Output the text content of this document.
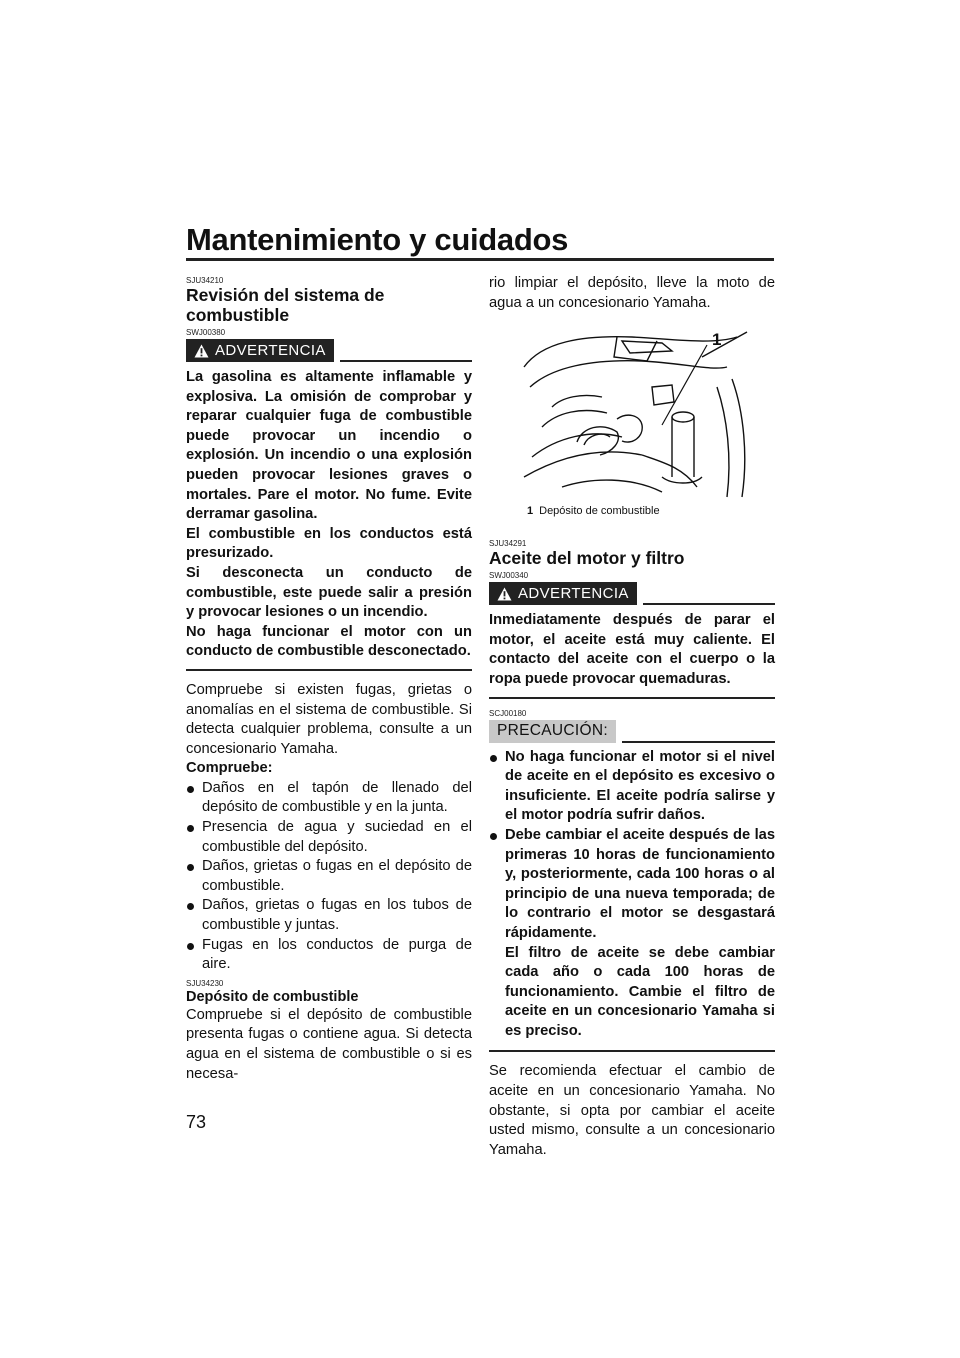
Mantenimiento y cuidados
SJU34210
Revisión del sistema de combustible
SWJ00380
ADVERTENCIA

La gasolina es altamente inflamable y explosiva. La omisión de comprobar y reparar cualquier fuga de combustible puede provocar un incendio o explosión. Un incendio o una explosión pueden provocar lesiones graves o mortales. Pare el motor. No fume. Evite derramar gasolina.

El combustible en los conductos está presurizado.

Si desconecta un conducto de combustible, este puede salir a presión y provocar lesiones o un incendio.

No haga funcionar el motor con un conducto de combustible desconectado.

Compruebe si existen fugas, grietas o anomalías en el sistema de combustible. Si detecta cualquier problema, consulte a un concesionario Yamaha.

Compruebe:

Daños en el tapón de llenado del depósito de combustible y en la junta.
Presencia de agua y suciedad en el combustible del depósito.
Daños, grietas o fugas en el depósito de combustible.
Daños, grietas o fugas en los tubos de combustible y juntas.
Fugas en los conductos de purga de aire.
SJU34230
Depósito de combustible

Compruebe si el depósito de combustible presenta fugas o contiene agua. Si detecta agua en el sistema de combustible o si es necesa-

rio limpiar el depósito, lleve la moto de agua a un concesionario Yamaha.

1
1 Depósito de combustible
SJU34291
Aceite del motor y filtro
SWJ00340
ADVERTENCIA

Inmediatamente después de parar el motor, el aceite está muy caliente. El contacto del aceite con el cuerpo o la ropa puede provocar quemaduras.

SCJ00180
PRECAUCIÓN:
No haga funcionar el motor si el nivel de aceite en el depósito es excesivo o insuficiente. El aceite podría salirse y el motor podría sufrir daños.
Debe cambiar el aceite después de las primeras 10 horas de funcionamiento y, posteriormente, cada 100 horas o al principio de una nueva temporada; de lo contrario el motor se desgastará rápidamente.
El filtro de aceite se debe cambiar cada año o cada 100 horas de funcionamiento. Cambie el filtro de aceite en un concesionario Yamaha si es preciso.

Se recomienda efectuar el cambio de aceite en un concesionario Yamaha. No obstante, si opta por cambiar el aceite usted mismo, consulte a un concesionario Yamaha.

73
